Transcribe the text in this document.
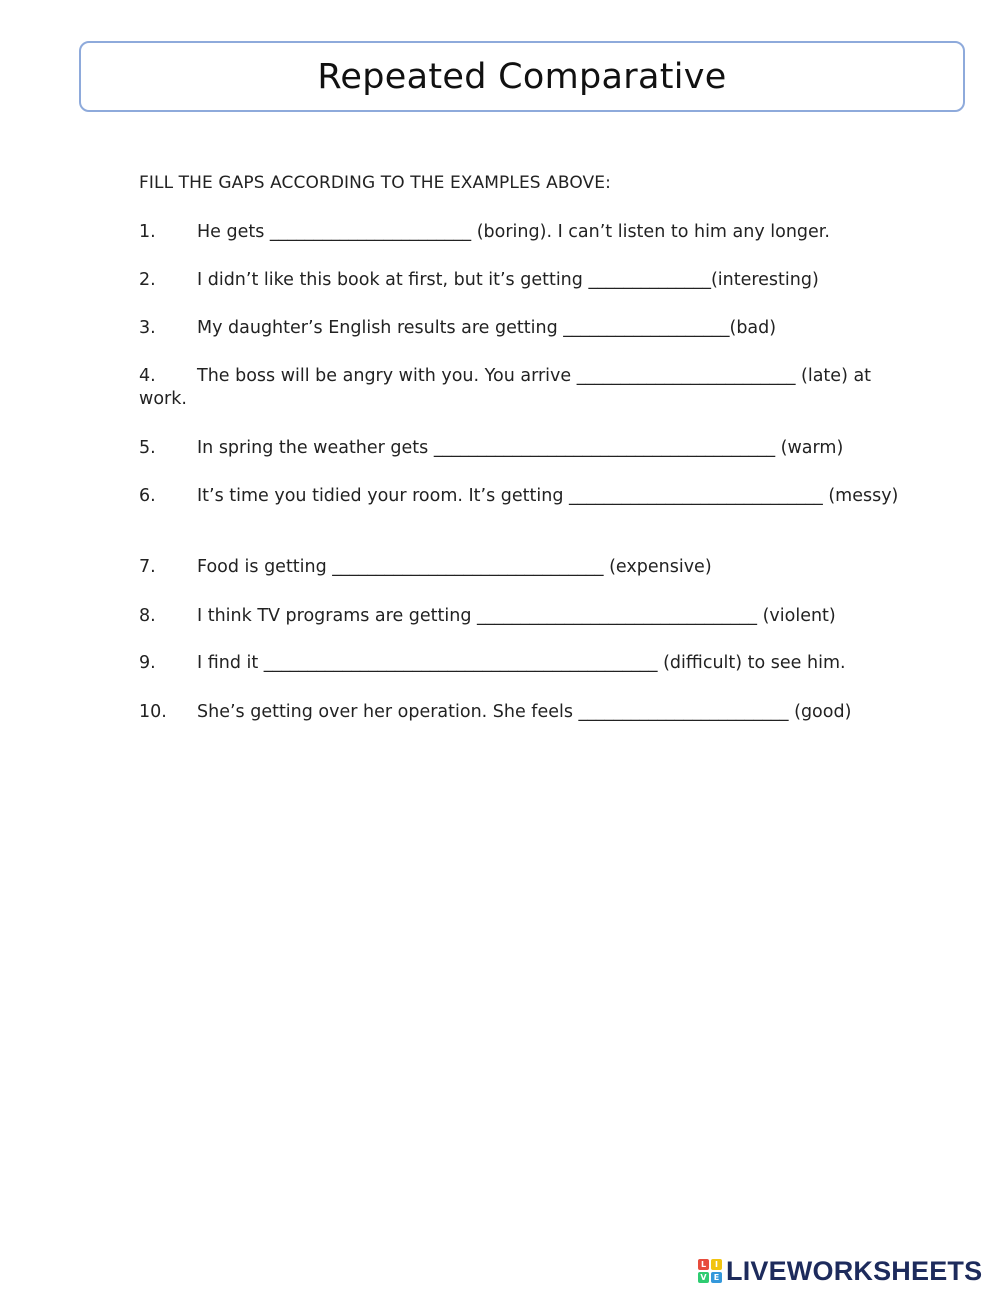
Repeated Comparative
FILL THE GAPS ACCORDING TO THE EXAMPLES ABOVE:
1. He gets _______________________ (boring). I can’t listen to him any longer.
2. I didn’t like this book at first, but it’s getting ______________(interesting)
3. My daughter’s English results are getting ___________________(bad)
4. The boss will be angry with you. You arrive _________________________ (late) at work.
5. In spring the weather gets _______________________________________ (warm)
6. It’s time you tidied your room. It’s getting _____________________________ (messy)
7. Food is getting _______________________________ (expensive)
8. I think TV programs are getting ________________________________ (violent)
9. I find it _____________________________________________ (difficult) to see him.
10. She’s getting over her operation. She feels ________________________ (good)
L	I
V E LIVEWORKSHEETS
